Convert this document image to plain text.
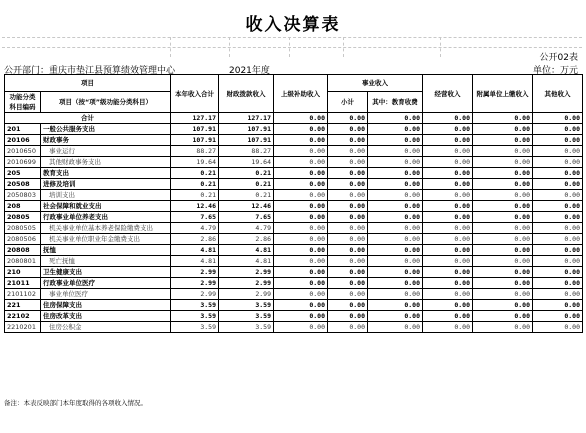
收入决算表
公开02表
公开部门：重庆市垫江县预算绩效管理中心	2021年度	单位：万元
项目		本年收入合计	财政拨款收入	上级补助收入	事业收入		经营收入	附属单位上缴收入	其他收入
功能分类科目编码	项目（按“项”级功能分类科目）				小计	其中：教育收费			

合计		127.17	127.17	0.00	0.00	0.00	0.00	0.00	0.00
201	一般公共服务支出	107.91	107.91	0.00	0.00	0.00	0.00	0.00	0.00
20106	财政事务	107.91	107.91	0.00	0.00	0.00	0.00	0.00	0.00
2010650	事业运行	88.27	88.27	0.00	0.00	0.00	0.00	0.00	0.00
2010699	其他财政事务支出	19.64	19.64	0.00	0.00	0.00	0.00	0.00	0.00
205	教育支出	0.21	0.21	0.00	0.00	0.00	0.00	0.00	0.00
20508	进修及培训	0.21	0.21	0.00	0.00	0.00	0.00	0.00	0.00
2050803	培训支出	0.21	0.21	0.00	0.00	0.00	0.00	0.00	0.00
208	社会保障和就业支出	12.46	12.46	0.00	0.00	0.00	0.00	0.00	0.00
20805	行政事业单位养老支出	7.65	7.65	0.00	0.00	0.00	0.00	0.00	0.00
2080505	机关事业单位基本养老保险缴费支出	4.79	4.79	0.00	0.00	0.00	0.00	0.00	0.00
2080506	机关事业单位职业年金缴费支出	2.86	2.86	0.00	0.00	0.00	0.00	0.00	0.00
20808	抚恤	4.81	4.81	0.00	0.00	0.00	0.00	0.00	0.00
2080801	死亡抚恤	4.81	4.81	0.00	0.00	0.00	0.00	0.00	0.00
210	卫生健康支出	2.99	2.99	0.00	0.00	0.00	0.00	0.00	0.00
21011	行政事业单位医疗	2.99	2.99	0.00	0.00	0.00	0.00	0.00	0.00
2101102	事业单位医疗	2.99	2.99	0.00	0.00	0.00	0.00	0.00	0.00
221	住房保障支出	3.59	3.59	0.00	0.00	0.00	0.00	0.00	0.00
22102	住房改革支出	3.59	3.59	0.00	0.00	0.00	0.00	0.00	0.00
2210201	住房公积金	3.59	3.59	0.00	0.00	0.00	0.00	0.00	0.00
备注：本表反映部门本年度取得的各项收入情况。
